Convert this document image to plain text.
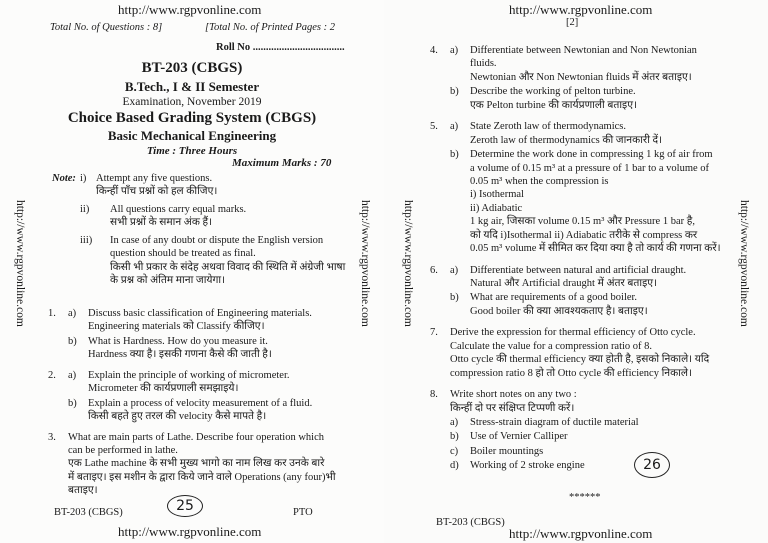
http://www.rgpvonline.com
Total No. of Questions : 8]	[Total No. of Printed Pages : 2
Roll No ...................................
BT-203 (CBGS)
B.Tech., I & II Semester
Examination, November 2019
Choice Based Grading System (CBGS)
Basic Mechanical Engineering
Time : Three Hours
Maximum Marks : 70
Note: i) Attempt any five questions.
किन्हीं पाँच प्रश्नों को हल कीजिए।
ii)	All questions carry equal marks.
सभी प्रश्नों के समान अंक हैं।
iii)	In case of any doubt or dispute the English version
question should be treated as final.
किसी भी प्रकार के संदेह अथवा विवाद की स्थिति में अंग्रेजी भाषा
के प्रश्न को अंतिम माना जायेगा।
1.	a)	Discuss basic classification of Engineering materials.
Engineering materials को Classify कीजिए।
b)	What is Hardness. How do you measure it.
Hardness क्या है। इसकी गणना कैसे की जाती है।
2.	a)	Explain the principle of working of micrometer.
Micrometer की कार्यप्रणाली समझाइये।
b)	Explain a process of velocity measurement of a fluid.
किसी बहते हुए तरल की velocity कैसे मापते है।
3.	What are main parts of Lathe. Describe four operation which
can be performed in lathe.
एक Lathe machine के सभी मुख्य भागो का नाम लिख कर उनके बारे
में बताइए। इस मशीन के द्वारा किये जाने वाले Operations (any four)भी
बताइए।
BT-203 (CBGS)	PTO
25
http://www.rgpvonline.com
http://www.rgpvonline.com	http://www.rgpvonline.com
http://www.rgpvonline.com
[2]
4.	a)	Differentiate between Newtonian and Non Newtonian
fluids.
Newtonian और Non Newtonian fluids में अंतर बताइए।
b)	Describe the working of pelton turbine.
एक Pelton turbine की कार्यप्रणाली बताइए।
5.	a)	State Zeroth law of thermodynamics.
Zeroth law of thermodynamics की जानकारी दें।
b)	Determine the work done in compressing 1 kg of air from
a volume of 0.15 m³ at a pressure of 1 bar to a volume of
0.05 m³ when the compression is
i) Isothermal
ii) Adiabatic
1 kg air, जिसका volume 0.15 m³ और Pressure 1 bar है,
को यदि i)Isothermal ii) Adiabatic तरीके से compress कर
0.05 m³ volume में सीमित कर दिया क्या है तो कार्य की गणना करें।
6.	a)	Differentiate between natural and artificial draught.
Natural और Artificial draught में अंतर बताइए।
b)	What are requirements of a good boiler.
Good boiler की क्या आवश्यकताए है। बताइए।
7.	Derive the expression for thermal efficiency of Otto cycle.
Calculate the value for a compression ratio of 8.
Otto cycle की thermal efficiency क्या होती है, इसको निकाले। यदि
compression ratio 8 हो तो Otto cycle की efficiency निकाले।
8.	Write short notes on any two :
किन्हीं दो पर संक्षिप्त टिप्पणी करें।
a)	Stress-strain diagram of ductile material
b)	Use of Vernier Calliper
c)	Boiler mountings
d)	Working of 2 stroke engine
******
BT-203 (CBGS)
26
http://www.rgpvonline.com
http://www.rgpvonline.com	http://www.rgpvonline.com
